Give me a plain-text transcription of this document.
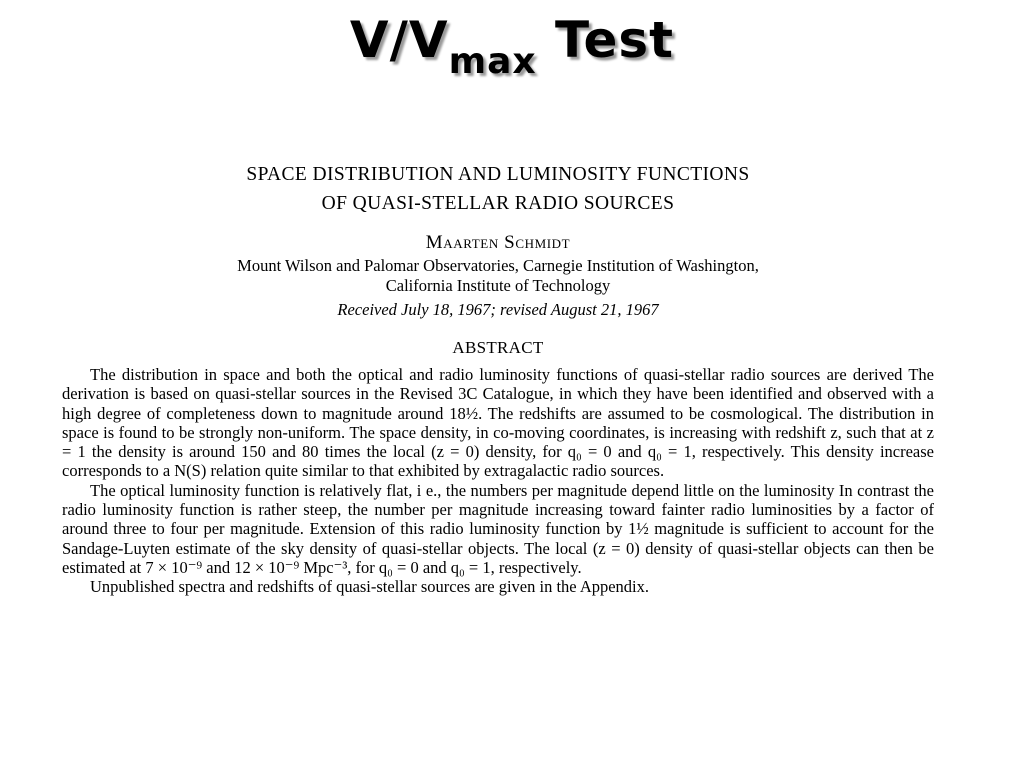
$V/V_{max}$ Test
SPACE DISTRIBUTION AND LUMINOSITY FUNCTIONS
OF QUASI-STELLAR RADIO SOURCES
Maarten Schmidt
Mount Wilson and Palomar Observatories, Carnegie Institution of Washington,
California Institute of Technology
Received July 18, 1967; revised August 21, 1967
ABSTRACT

The distribution in space and both the optical and radio luminosity functions of quasi-stellar radio sources are derived The derivation is based on quasi-stellar sources in the Revised 3C Catalogue, in which they have been identified and observed with a high degree of completeness down to magnitude around 18½. The redshifts are assumed to be cosmological. The distribution in space is found to be strongly non-uniform. The space density, in co-moving coordinates, is increasing with redshift z, such that at z = 1 the density is around 150 and 80 times the local (z = 0) density, for q₀ = 0 and q₀ = 1, respectively. This density increase corresponds to a N(S) relation quite similar to that exhibited by extragalactic radio sources.

The optical luminosity function is relatively flat, i e., the numbers per magnitude depend little on the luminosity In contrast the radio luminosity function is rather steep, the number per magnitude increasing toward fainter radio luminosities by a factor of around three to four per magnitude. Extension of this radio luminosity function by 1½ magnitude is sufficient to account for the Sandage-Luyten estimate of the sky density of quasi-stellar objects. The local (z = 0) density of quasi-stellar objects can then be estimated at 7 × 10⁻⁹ and 12 × 10⁻⁹ Mpc⁻³, for q₀ = 0 and q₀ = 1, respectively.

Unpublished spectra and redshifts of quasi-stellar sources are given in the Appendix.
